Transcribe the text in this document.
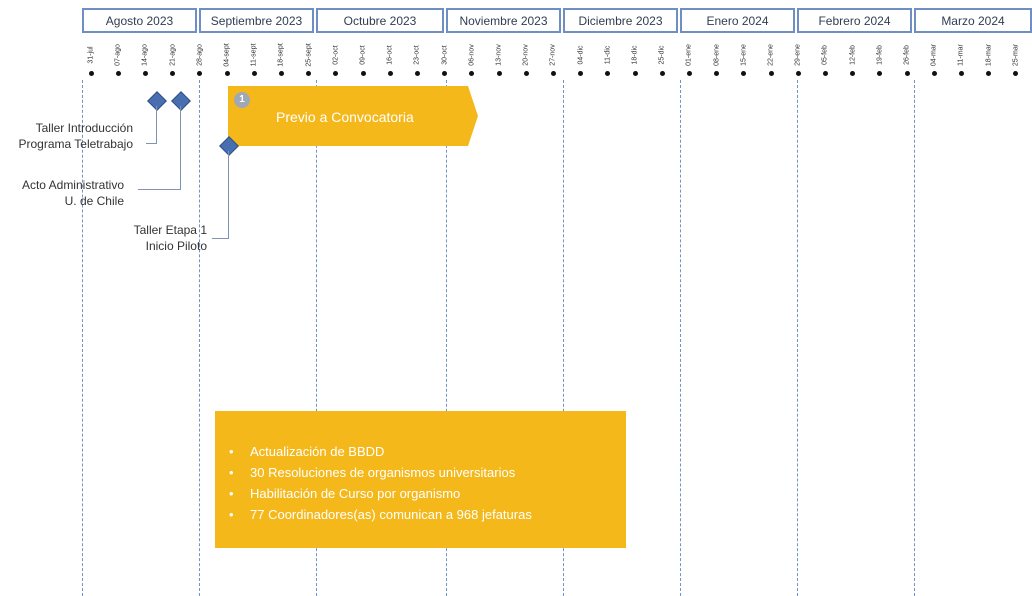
Agosto 2023	Septiembre 2023	Octubre 2023	Noviembre 2023	Diciembre 2023	Enero 2024	Febrero 2024	Marzo 2024
31-jul	07-ago	14-ago	21-ago	28-ago	04-sept	11-sept	18-sept	25-sept	02-oct	09-oct	16-oct	23-oct	30-oct	06-nov	13-nov	20-nov	27-nov	04-dic	11-dic	18-dic	25-dic	01-ene	08-ene	15-ene	22-ene	29-ene	05-feb	12-feb	19-feb	26-feb	04-mar	11-mar	18-mar	25-mar
1
Previo a Convocatoria
Taller Introducción
Programa Teletrabajo
Acto Administrativo
U. de Chile
Taller Etapa 1
Inicio Piloto
• Actualización de BBDD
• 30 Resoluciones de organismos universitarios
• Habilitación de Curso por organismo
• 77 Coordinadores(as) comunican a 968 jefaturas
